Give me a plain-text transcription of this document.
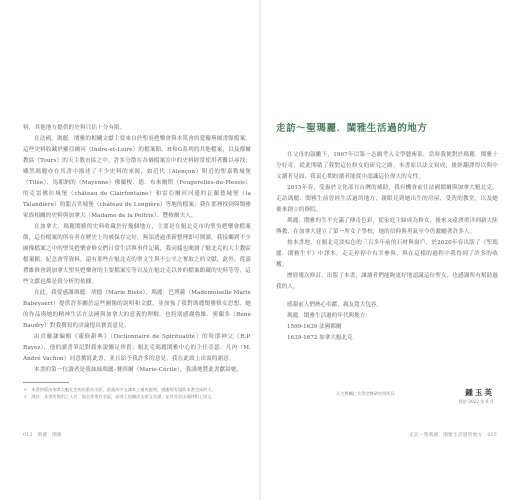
料，其他地方提供的史料只佔十分有限。

在法國，瑪麗．閨雅的相關文獻主要來自於聖吳甦樂會與本篤會的愛羅蕪圖書館檔案，這些史料收藏於羅亞爾河（Indre-et-Loire）的檔案館、H和G系列的其他檔案，以及都爾教區（Tours）的天主教市區之中，許多分散在各個檔案室中的史料經常使用者難以尋找；雖然瑪麗亦在其書中描述了不少史料的來源，如近代（Alençon）附近的聖嘉勒城堡（Tilée）、馬耶納的（Mayenne）佛蘭梭．德．布來爾斯（Fougerolles-du-Plessis）的克雷佛拉城堡（château de Clairfontaine）和雷亞爾河河邊的瓦蘭德城堡（la Talandière）的龍吉宮城堡（château de Longière）等地的檔案；我在那裡找到與閨雅家族相關的史料與加拿大（Madame de la Peltrie）、豐梭爾夫人。

在加拿大，瑪麗閨雅的史料收藏於好幾個地方，主要是在魁北克市的聖吳甦樂會檔案館，這份檔案的所有者在歷史上均被保存完好，無須透過重新整理即可閱讀，我接觸到不少圖像檔案之中的聖吳甦樂會修女們日常生活與事件記載，我同樣也閱讀了魁北克的大主教區檔案館、紀念會等資料，還有那些在魁北克的聖文生與不公平之奪取之的文獻，此外，從嘉禮維修會到加拿大聖吳甦樂會的主要檔案室等以及在魁北克以外的檔案館藏的史料等等，這些文獻也都是我分析的依據。

在此，我要感謝瑪麗．胡德（Marie Rieté）、瑪麗．巴博薩（Mademoiselle Marie Babeyaert）提供許多關於這些圖像的說明和文獻，並加強了我對瑪麗閨雅修女思想、她的作品與她的精神生活在法國與加拿大的意義的理解。也特別感謝魯維．奧蘭多（René Baudry）對我撰寫的評論提出寶貴意見。

由貢羅謙編輯《靈修辭典》（Dictionnaire de Spiritualité）的哈耶神父（R.P. Rayez），他的讀書筆記對我來說彌足珍貴；魁北克瑪麗閨雅中心的主任亞瑟．凡內（M. André Vachon）同意撰寫此書，並且給予我許多的意見，我在此致上由衷的謝意。

本書的第一位讀者是我妹妹瑪麗–賽西爾（Marie-Cécile），我謹地將此書獻給她。

＊　本書初版由加拿大魁北克的出版社出版，此處為中文譯本之補充說明，感謝所有協助本書完成的人。
＊　譯註：本書所使用之人名、地名等專有名詞，原則上依據法文原文音譯，並於首次出現時附上原文。
012　瑪麗．閨雅
走訪～聖瑪麗．閨雅生活過的地方

在父母的鼓勵下，1967年以第一志願考入文學藝術系，當時我便對於瑪麗．閨雅十分好奇，從此開啟了我對這位修女的研究之路。本書原以法文寫成，後經翻譯得以與中文讀者見面，我衷心期盼讀者能從中認識這位偉大的女性。

2015年春，受惠於文化部在台灣的補助，我有機會前往法國都爾與加拿大魁北克，走訪瑪麗．閨雅生前曾經生活過的地方，親眼見到她出生的房屋、受洗的教堂，以及她後來創立的修院。

瑪麗．閨雅的生平充滿了傳奇色彩，從家庭主婦成為修女，後來又遠渡重洋到新大陸傳教，在加拿大建立了第一所女子學校，她的信仰與勇氣至今仍激勵著許多人。

按本書地，在魁北克淡棕色的三百多年前的石材與窗戶，於2020年春出版了《聖瑪麗．閨雅生平》中譯本，走走停停中有幸參與，與在這樣的過程中我得到了許多的收穫。

歷經幾次修訂，出版了本書，讓讀者們能夠更好地認識這位聖女，也感謝所有幫助過我的人。

感謝前人們熱心奉獻，親友寬大包容。
瑪麗．閨雅生活過的年代與地方：
1599-1639 法國都爾
1639-1672 加拿大魁北克
天主教輔仁大學宗教研究所所長	鍾玉英
寫於 2022 年 6 月
走訪～聖瑪麗．閨雅生活過的地方　013
